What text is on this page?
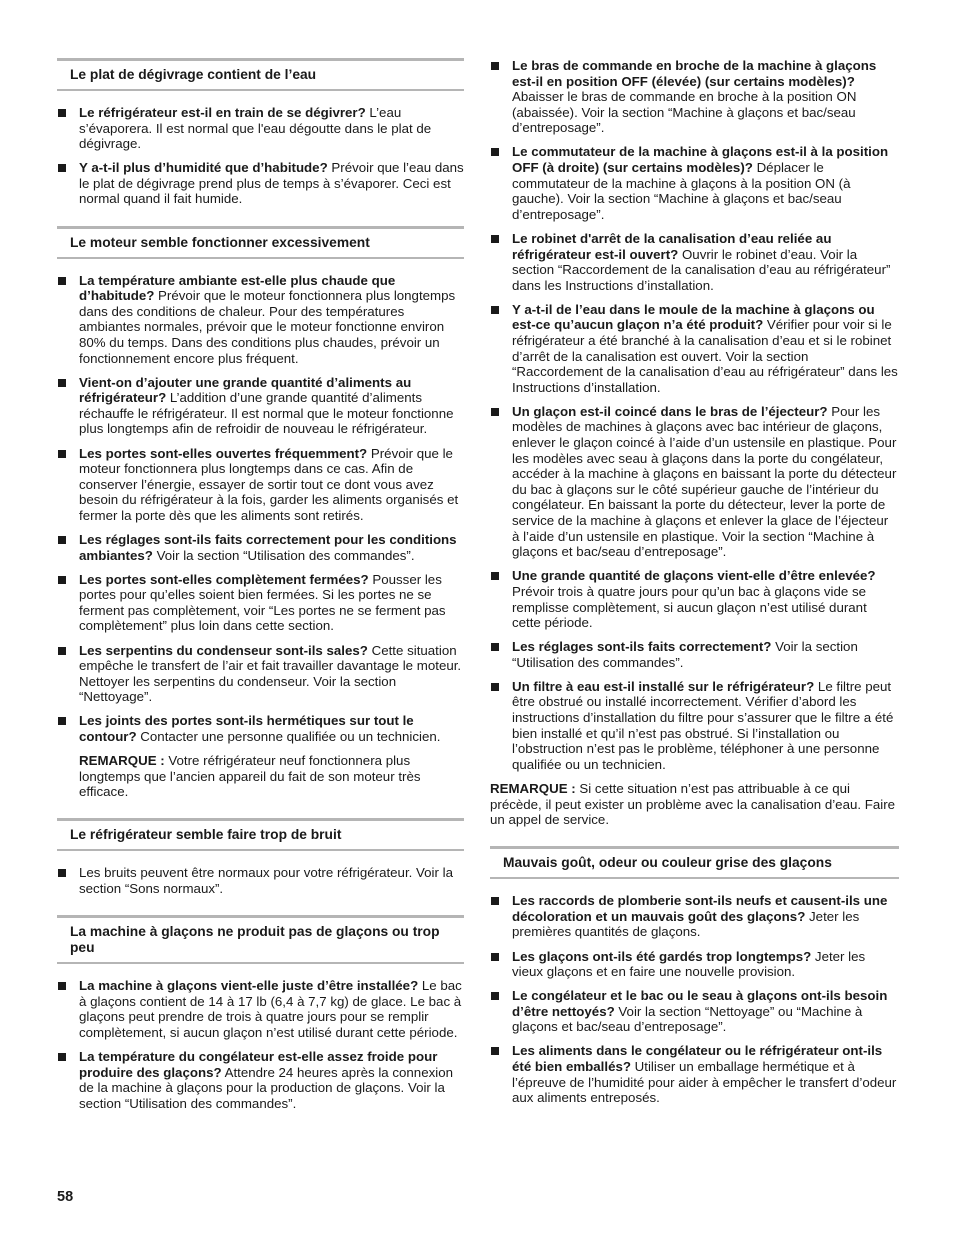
Le plat de dégivrage contient de l’eau
Le réfrigérateur est-il en train de se dégivrer? L’eau s’évaporera. Il est normal que l'eau dégoutte dans le plat de dégivrage.
Y a-t-il plus d’humidité que d’habitude? Prévoir que l’eau dans le plat de dégivrage prend plus de temps à s’évaporer. Ceci est normal quand il fait humide.
Le moteur semble fonctionner excessivement
La température ambiante est-elle plus chaude que d’habitude? Prévoir que le moteur fonctionnera plus longtemps dans des conditions de chaleur. Pour des températures ambiantes normales, prévoir que le moteur fonctionne environ 80% du temps. Dans des conditions plus chaudes, prévoir un fonctionnement encore plus fréquent.
Vient-on d’ajouter une grande quantité d’aliments au réfrigérateur? L’addition d’une grande quantité d’aliments réchauffe le réfrigérateur. Il est normal que le moteur fonctionne plus longtemps afin de refroidir de nouveau le réfrigérateur.
Les portes sont-elles ouvertes fréquemment? Prévoir que le moteur fonctionnera plus longtemps dans ce cas. Afin de conserver l’énergie, essayer de sortir tout ce dont vous avez besoin du réfrigérateur à la fois, garder les aliments organisés et fermer la porte dès que les aliments sont retirés.
Les réglages sont-ils faits correctement pour les conditions ambiantes? Voir la section “Utilisation des commandes”.
Les portes sont-elles complètement fermées? Pousser les portes pour qu’elles soient bien fermées. Si les portes ne se ferment pas complètement, voir “Les portes ne se ferment pas complètement” plus loin dans cette section.
Les serpentins du condenseur sont-ils sales? Cette situation empêche le transfert de l’air et fait travailler davantage le moteur. Nettoyer les serpentins du condenseur. Voir la section “Nettoyage”.
Les joints des portes sont-ils hermétiques sur tout le contour? Contacter une personne qualifiée ou un technicien.
REMARQUE : Votre réfrigérateur neuf fonctionnera plus longtemps que l’ancien appareil du fait de son moteur très efficace.
Le réfrigérateur semble faire trop de bruit
Les bruits peuvent être normaux pour votre réfrigérateur. Voir la section “Sons normaux”.
La machine à glaçons ne produit pas de glaçons ou trop peu
La machine à glaçons vient-elle juste d’être installée? Le bac à glaçons contient de 14 à 17 lb (6,4 à 7,7 kg) de glace. Le bac à glaçons peut prendre de trois à quatre jours pour se remplir complètement, si aucun glaçon n’est utilisé durant cette période.
La température du congélateur est-elle assez froide pour produire des glaçons? Attendre 24 heures après la connexion de la machine à glaçons pour la production de glaçons. Voir la section “Utilisation des commandes”.
Le bras de commande en broche de la machine à glaçons est-il en position OFF (élevée) (sur certains modèles)? Abaisser le bras de commande en broche à la position ON (abaissée). Voir la section “Machine à glaçons et bac/seau d’entreposage”.
Le commutateur de la machine à glaçons est-il à la position OFF (à droite) (sur certains modèles)? Déplacer le commutateur de la machine à glaçons à la position ON (à gauche). Voir la section “Machine à glaçons et bac/seau d’entreposage”.
Le robinet d'arrêt de la canalisation d’eau reliée au réfrigérateur est-il ouvert? Ouvrir le robinet d’eau. Voir la section “Raccordement de la canalisation d’eau au réfrigérateur” dans les Instructions d’installation.
Y a-t-il de l’eau dans le moule de la machine à glaçons ou est-ce qu’aucun glaçon n’a été produit? Vérifier pour voir si le réfrigérateur a été branché à la canalisation d’eau et si le robinet d’arrêt de la canalisation est ouvert. Voir la section “Raccordement de la canalisation d’eau au réfrigérateur” dans les Instructions d’installation.
Un glaçon est-il coincé dans le bras de l’éjecteur? Pour les modèles de machines à glaçons avec bac intérieur de glaçons, enlever le glaçon coincé à l’aide d’un ustensile en plastique. Pour les modèles avec seau à glaçons dans la porte du congélateur, accéder à la machine à glaçons en baissant la porte du détecteur du bac à glaçons sur le côté supérieur gauche de l’intérieur du congélateur. En baissant la porte du détecteur, lever la porte de service de la machine à glaçons et enlever la glace de l’éjecteur à l’aide d’un ustensile en plastique. Voir la section “Machine à glaçons et bac/seau d’entreposage”.
Une grande quantité de glaçons vient-elle d’être enlevée? Prévoir trois à quatre jours pour qu’un bac à glaçons vide se remplisse complètement, si aucun glaçon n’est utilisé durant cette période.
Les réglages sont-ils faits correctement? Voir la section “Utilisation des commandes”.
Un filtre à eau est-il installé sur le réfrigérateur? Le filtre peut être obstrué ou installé incorrectement. Vérifier d’abord les instructions d’installation du filtre pour s’assurer que le filtre a été bien installé et qu’il n’est pas obstrué. Si l’installation ou l’obstruction n’est pas le problème, téléphoner à une personne qualifiée ou un technicien.
REMARQUE : Si cette situation n’est pas attribuable à ce qui précède, il peut exister un problème avec la canalisation d’eau. Faire un appel de service.
Mauvais goût, odeur ou couleur grise des glaçons
Les raccords de plomberie sont-ils neufs et causent-ils une décoloration et un mauvais goût des glaçons? Jeter les premières quantités de glaçons.
Les glaçons ont-ils été gardés trop longtemps? Jeter les vieux glaçons et en faire une nouvelle provision.
Le congélateur et le bac ou le seau à glaçons ont-ils besoin d’être nettoyés? Voir la section “Nettoyage” ou “Machine à glaçons et bac/seau d’entreposage”.
Les aliments dans le congélateur ou le réfrigérateur ont-ils été bien emballés? Utiliser un emballage hermétique et à l’épreuve de l’humidité pour aider à empêcher le transfert d’odeur aux aliments entreposés.
58
